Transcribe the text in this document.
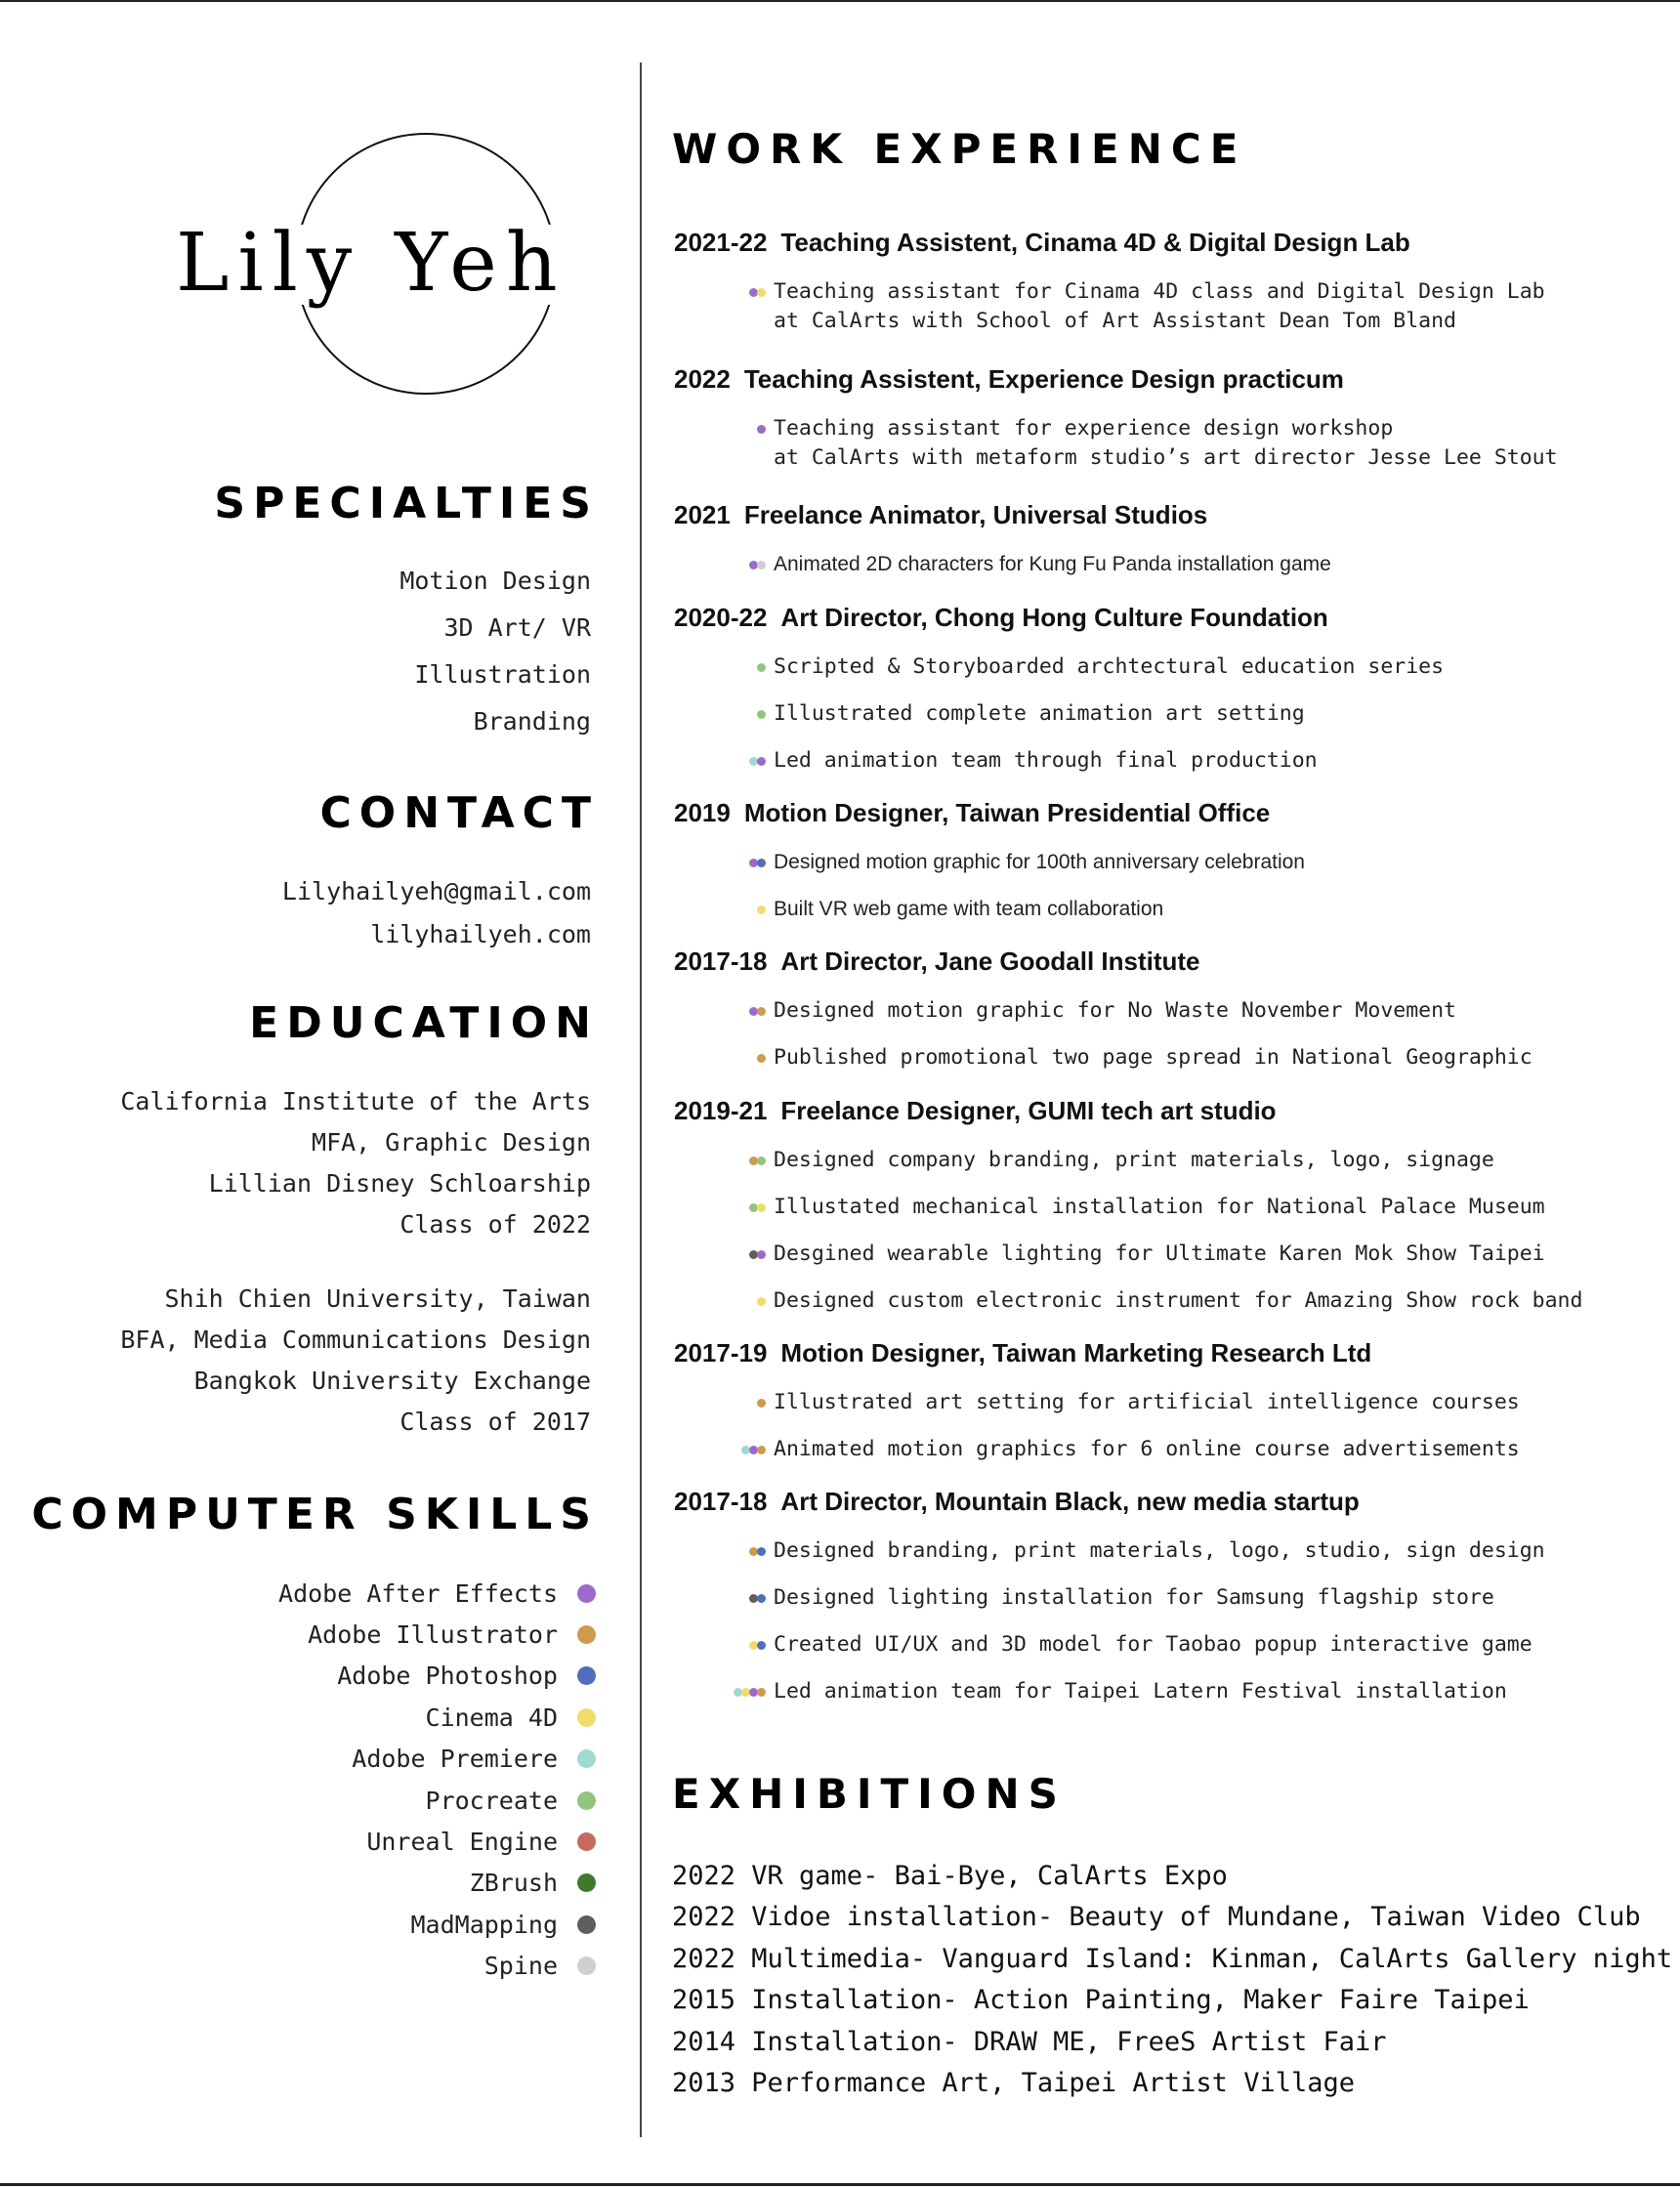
Lily Yeh
SPECIALTIES
Motion Design
3D Art/ VR
Illustration
Branding
CONTACT
Lilyhailyeh@gmail.com
lilyhailyeh.com
EDUCATION
California Institute of the Arts
MFA, Graphic Design
Lillian Disney Schloarship
Class of 2022
Shih Chien University, Taiwan
BFA, Media Communications Design
Bangkok University Exchange
Class of 2017
COMPUTER SKILLS
Adobe After Effects
Adobe Illustrator
Adobe Photoshop
Cinema 4D
Adobe Premiere
Procreate
Unreal Engine
ZBrush
MadMapping
Spine
WORK EXPERIENCE
2021-22 Teaching Assistent, Cinama 4D & Digital Design Lab
Teaching assistant for Cinama 4D class and Digital Design Lab
at CalArts with School of Art Assistant Dean Tom Bland
2022 Teaching Assistent, Experience Design practicum
Teaching assistant for experience design workshop
at CalArts with metaform studio’s art director Jesse Lee Stout
2021 Freelance Animator, Universal Studios
Animated 2D characters for Kung Fu Panda installation game
2020-22 Art Director, Chong Hong Culture Foundation
Scripted & Storyboarded archtectural education series
Illustrated complete animation art setting
Led animation team through final production
2019 Motion Designer, Taiwan Presidential Office
Designed motion graphic for 100th anniversary celebration
Built VR web game with team collaboration
2017-18 Art Director, Jane Goodall Institute
Designed motion graphic for No Waste November Movement
Published promotional two page spread in National Geographic
2019-21 Freelance Designer, GUMI tech art studio
Designed company branding, print materials, logo, signage
Illustated mechanical installation for National Palace Museum
Desgined wearable lighting for Ultimate Karen Mok Show Taipei
Designed custom electronic instrument for Amazing Show rock band
2017-19 Motion Designer, Taiwan Marketing Research Ltd
Illustrated art setting for artificial intelligence courses
Animated motion graphics for 6 online course advertisements
2017-18 Art Director, Mountain Black, new media startup
Designed branding, print materials, logo, studio, sign design
Designed lighting installation for Samsung flagship store
Created UI/UX and 3D model for Taobao popup interactive game
Led animation team for Taipei Latern Festival installation
EXHIBITIONS
2022 VR game- Bai-Bye, CalArts Expo
2022 Vidoe installation- Beauty of Mundane, Taiwan Video Club
2022 Multimedia- Vanguard Island: Kinman, CalArts Gallery night
2015 Installation- Action Painting, Maker Faire Taipei
2014 Installation- DRAW ME, FreeS Artist Fair
2013 Performance Art, Taipei Artist Village
